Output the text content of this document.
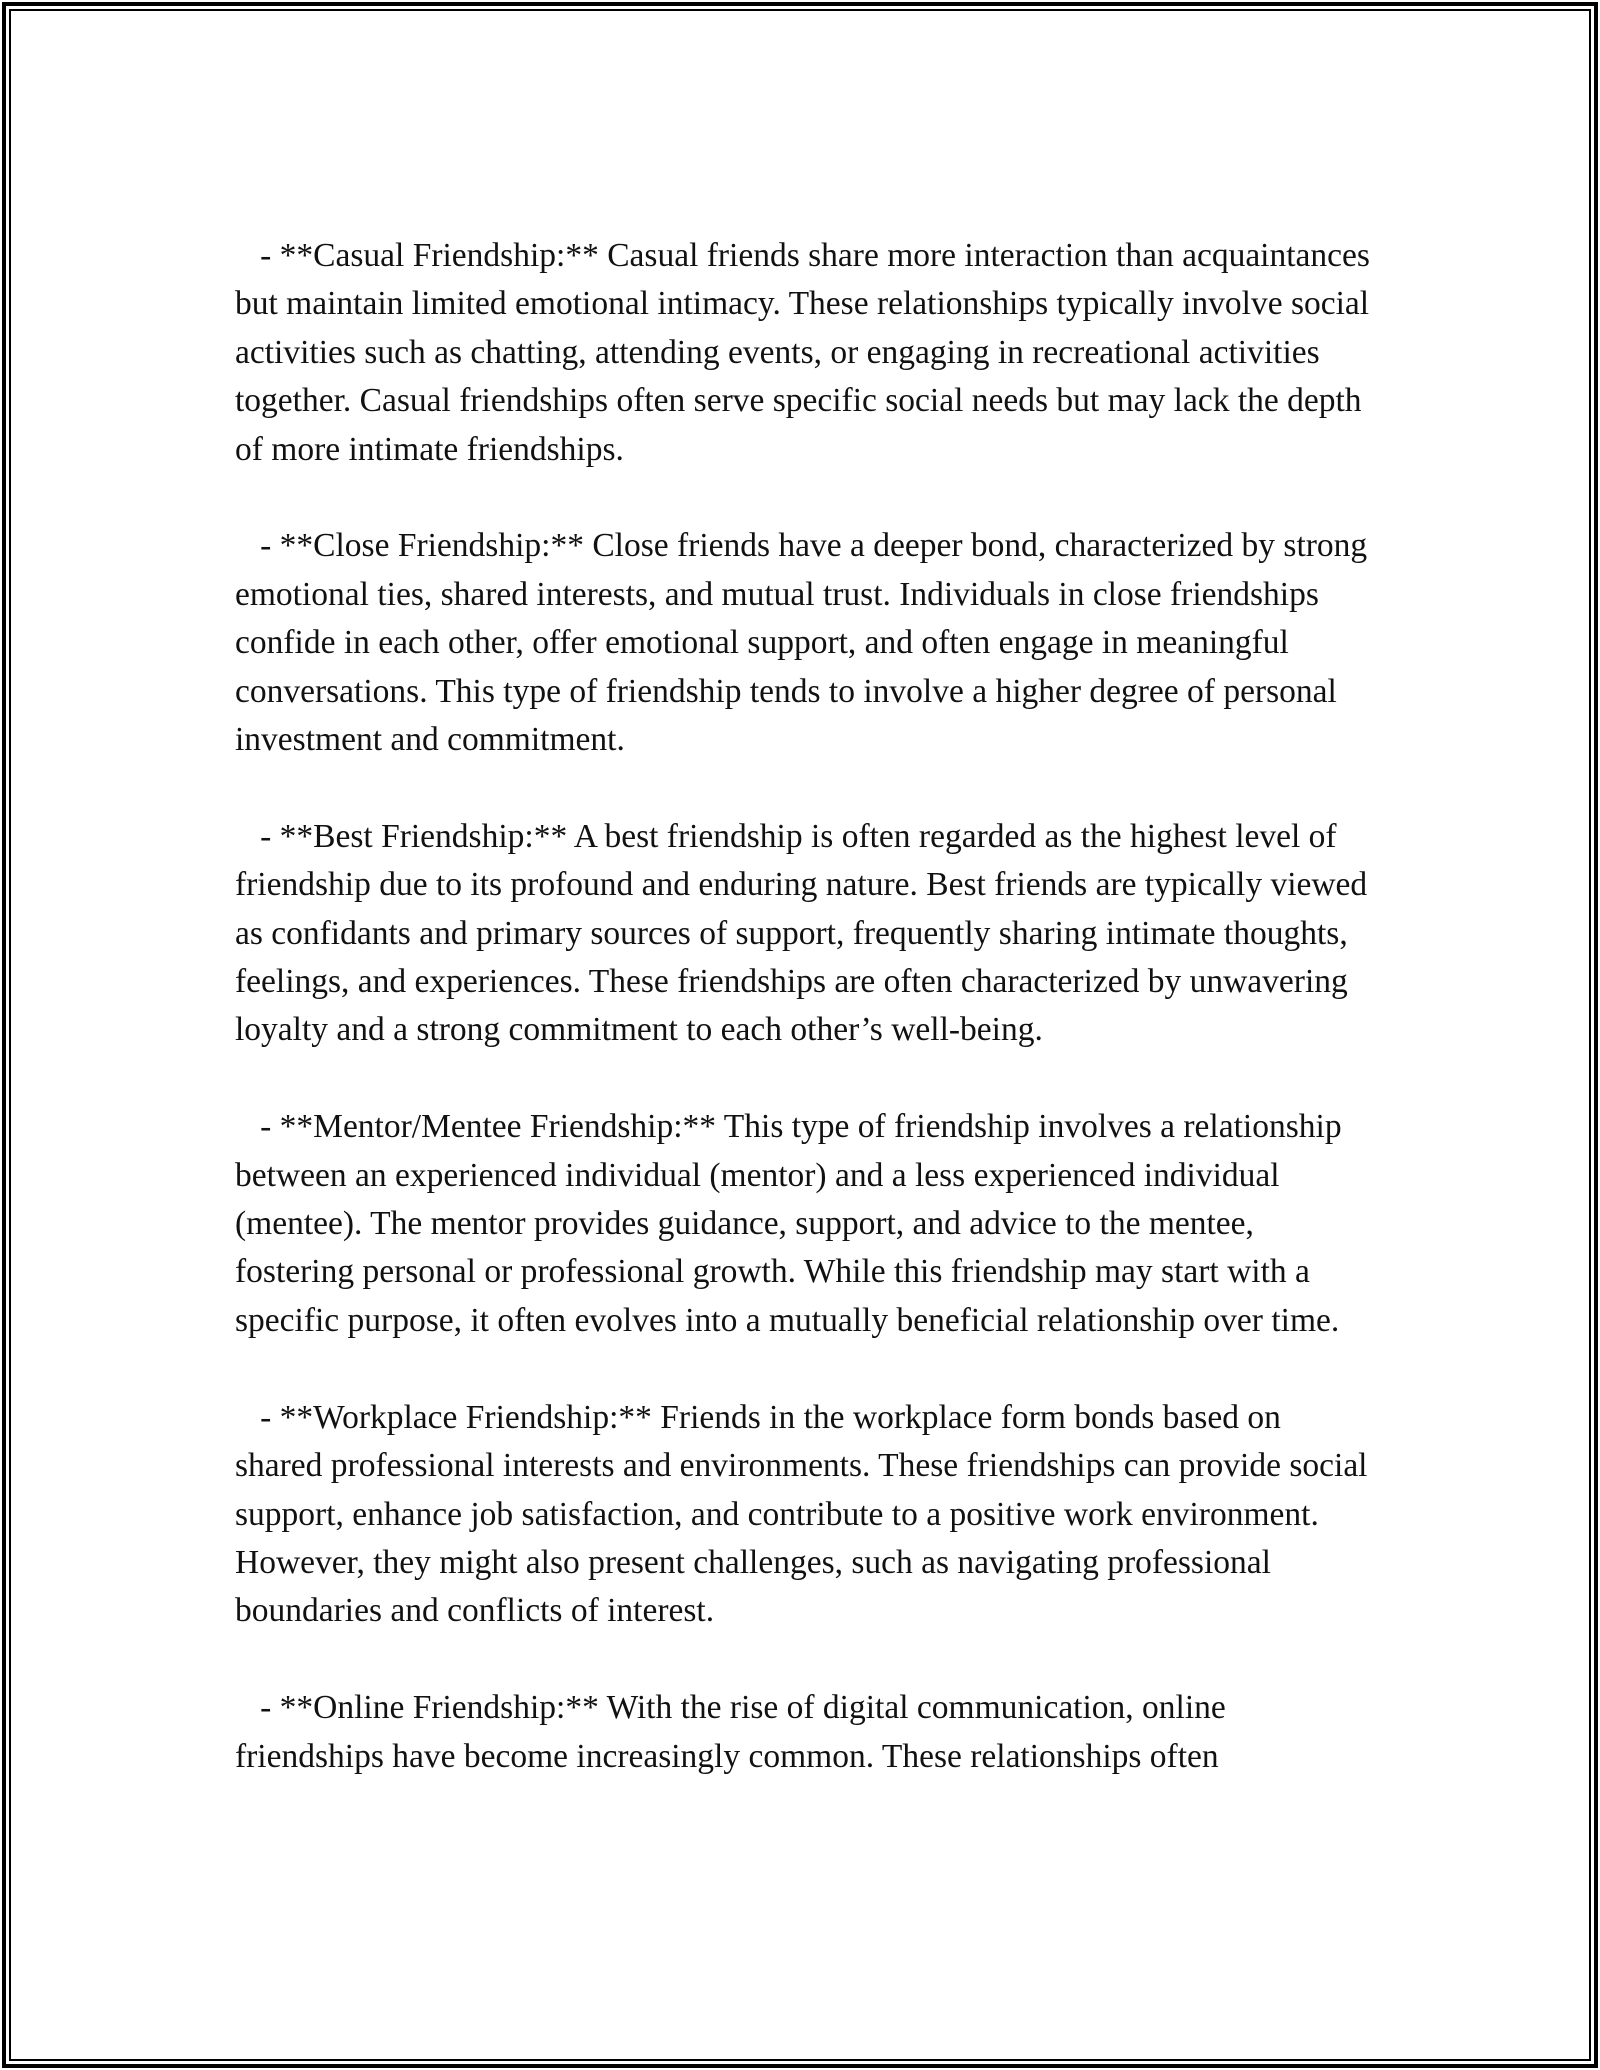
- **Casual Friendship:** Casual friends share more interaction than acquaintances but maintain limited emotional intimacy. These relationships typically involve social activities such as chatting, attending events, or engaging in recreational activities together. Casual friendships often serve specific social needs but may lack the depth of more intimate friendships.

- **Close Friendship:** Close friends have a deeper bond, characterized by strong emotional ties, shared interests, and mutual trust. Individuals in close friendships confide in each other, offer emotional support, and often engage in meaningful conversations. This type of friendship tends to involve a higher degree of personal investment and commitment.

- **Best Friendship:** A best friendship is often regarded as the highest level of friendship due to its profound and enduring nature. Best friends are typically viewed as confidants and primary sources of support, frequently sharing intimate thoughts, feelings, and experiences. These friendships are often characterized by unwavering loyalty and a strong commitment to each other’s well-being.

- **Mentor/Mentee Friendship:** This type of friendship involves a relationship between an experienced individual (mentor) and a less experienced individual (mentee). The mentor provides guidance, support, and advice to the mentee, fostering personal or professional growth. While this friendship may start with a specific purpose, it often evolves into a mutually beneficial relationship over time.

- **Workplace Friendship:** Friends in the workplace form bonds based on shared professional interests and environments. These friendships can provide social support, enhance job satisfaction, and contribute to a positive work environment. However, they might also present challenges, such as navigating professional boundaries and conflicts of interest.

- **Online Friendship:** With the rise of digital communication, online friendships have become increasingly common. These relationships often
